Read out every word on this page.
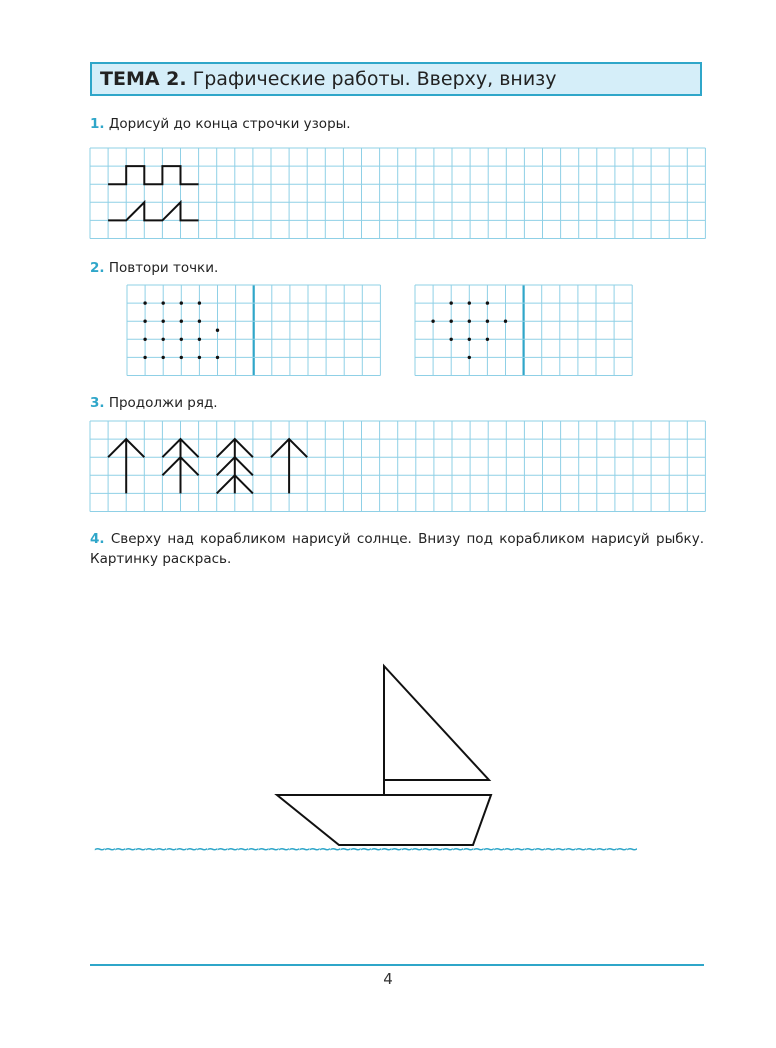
ТЕМА 2. Графические работы. Вверху, внизу
1. Дорисуй до конца строчки узоры.
2. Повтори точки.
3. Продолжи ряд.
4. Сверху над корабликом нарисуй солнце. Внизу под корабликом нарисуй рыбку. Картинку раскрась.
~~~~~~~~~~~~~~~~~~~~~~~~~~~~~~~~~~~~~~~~~~~~~~~~~~~~~
4
